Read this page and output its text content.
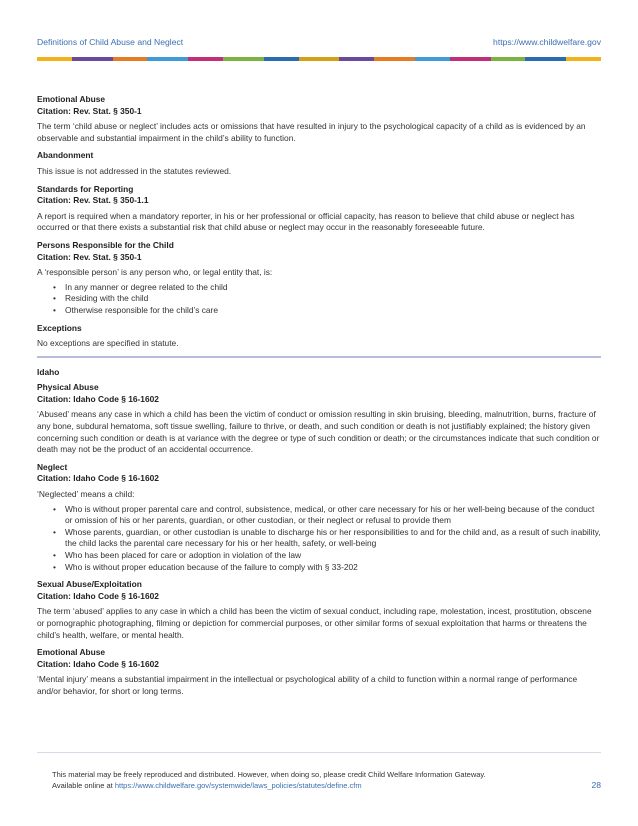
Definitions of Child Abuse and Neglect	https://www.childwelfare.gov
Emotional Abuse
Citation: Rev. Stat. § 350-1

The term ‘child abuse or neglect’ includes acts or omissions that have resulted in injury to the psychological capacity of a child as is evidenced by an observable and substantial impairment in the child’s ability to function.

Abandonment

This issue is not addressed in the statutes reviewed.

Standards for Reporting
Citation: Rev. Stat. § 350-1.1

A report is required when a mandatory reporter, in his or her professional or official capacity, has reason to believe that child abuse or neglect has occurred or that there exists a substantial risk that child abuse or neglect may occur in the reasonably foreseeable future.

Persons Responsible for the Child
Citation: Rev. Stat. § 350-1

A ‘responsible person’ is any person who, or legal entity that, is:

• In any manner or degree related to the child
• Residing with the child
• Otherwise responsible for the child’s care
Exceptions

No exceptions are specified in statute.

Idaho
Physical Abuse
Citation: Idaho Code § 16-1602

‘Abused’ means any case in which a child has been the victim of conduct or omission resulting in skin bruising, bleeding, malnutrition, burns, fracture of any bone, subdural hematoma, soft tissue swelling, failure to thrive, or death, and such condition or death is not justifiably explained; the history given concerning such condition or death is at variance with the degree or type of such condition or death; or the circumstances indicate that such condition or death may not be the product of an accidental occurrence.

Neglect
Citation: Idaho Code § 16-1602

‘Neglected’ means a child:

• Who is without proper parental care and control, subsistence, medical, or other care necessary for his or her well-being because of the conduct or omission of his or her parents, guardian, or other custodian, or their neglect or refusal to provide them
• Whose parents, guardian, or other custodian is unable to discharge his or her responsibilities to and for the child and, as a result of such inability, the child lacks the parental care necessary for his or her health, safety, or well-being
• Who has been placed for care or adoption in violation of the law
• Who is without proper education because of the failure to comply with § 33-202
Sexual Abuse/Exploitation
Citation: Idaho Code § 16-1602

The term ‘abused’ applies to any case in which a child has been the victim of sexual conduct, including rape, molestation, incest, prostitution, obscene or pornographic photographing, filming or depiction for commercial purposes, or other similar forms of sexual exploitation that harms or threatens the child’s health, welfare, or mental health.

Emotional Abuse
Citation: Idaho Code § 16-1602

‘Mental injury’ means a substantial impairment in the intellectual or psychological ability of a child to function within a normal range of performance and/or behavior, for short or long terms.

This material may be freely reproduced and distributed. However, when doing so, please credit Child Welfare Information Gateway.
Available online at https://www.childwelfare.gov/systemwide/laws_policies/statutes/define.cfm	28
